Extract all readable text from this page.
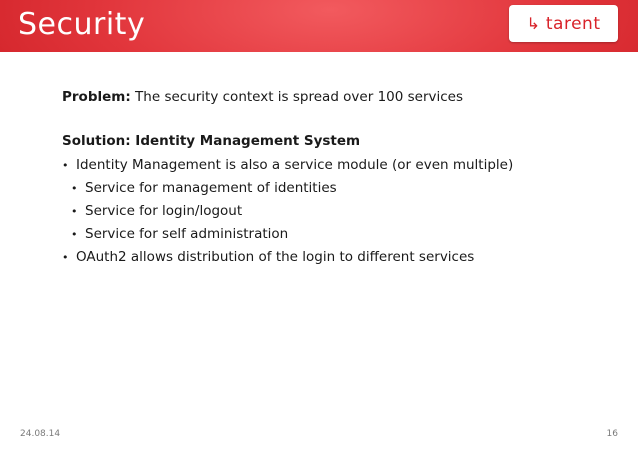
Security	↳ tarent
Problem: The security context is spread over 100 services
Solution: Identity Management System
• Identity Management is also a service module (or even multiple)
• Service for management of identities
• Service for login/logout
• Service for self administration
• OAuth2 allows distribution of the login to different services
24.08.14	16
